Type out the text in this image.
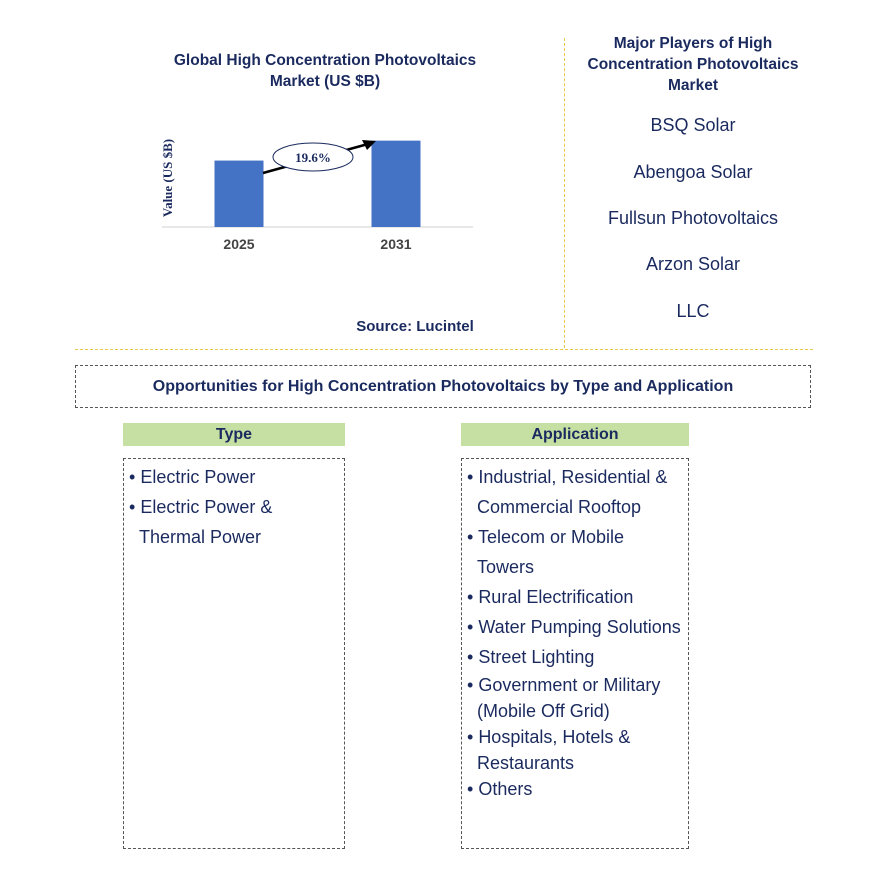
Global High Concentration Photovoltaics Market (US $B)
Value (US $B)
2025	2031
19.6%
Source: Lucintel
Major Players of High Concentration Photovoltaics Market
BSQ Solar
Abengoa Solar
Fullsun Photovoltaics
Arzon Solar
LLC
Opportunities for High Concentration Photovoltaics by Type and Application
Type
• Electric Power
• Electric Power & Thermal Power
Application
• Industrial, Residential & Commercial Rooftop
• Telecom or Mobile Towers
• Rural Electrification
• Water Pumping Solutions
• Street Lighting
• Government or Military (Mobile Off Grid)
• Hospitals, Hotels & Restaurants
• Others
